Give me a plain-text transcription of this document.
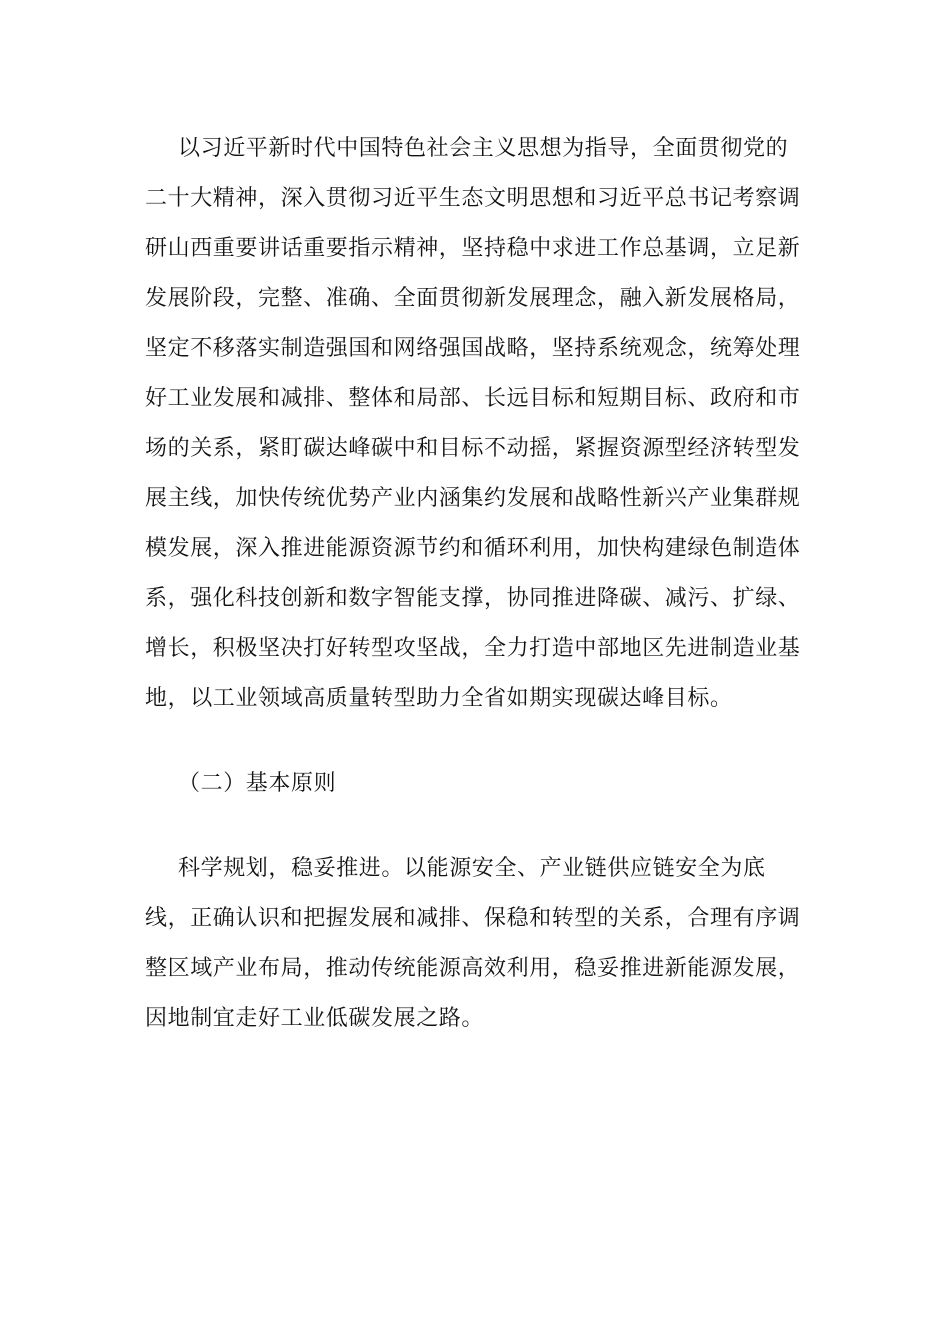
以习近平新时代中国特色社会主义思想为指导，全面贯彻党的二十大精神，深入贯彻习近平生态文明思想和习近平总书记考察调研山西重要讲话重要指示精神，坚持稳中求进工作总基调，立足新发展阶段，完整、准确、全面贯彻新发展理念，融入新发展格局，坚定不移落实制造强国和网络强国战略，坚持系统观念，统筹处理好工业发展和减排、整体和局部、长远目标和短期目标、政府和市场的关系，紧盯碳达峰碳中和目标不动摇，紧握资源型经济转型发展主线，加快传统优势产业内涵集约发展和战略性新兴产业集群规模发展，深入推进能源资源节约和循环利用，加快构建绿色制造体系，强化科技创新和数字智能支撑，协同推进降碳、减污、扩绿、增长，积极坚决打好转型攻坚战，全力打造中部地区先进制造业基地，以工业领域高质量转型助力全省如期实现碳达峰目标。

（二）基本原则

科学规划，稳妥推进。以能源安全、产业链供应链安全为底线，正确认识和把握发展和减排、保稳和转型的关系，合理有序调整区域产业布局，推动传统能源高效利用，稳妥推进新能源发展，因地制宜走好工业低碳发展之路。
